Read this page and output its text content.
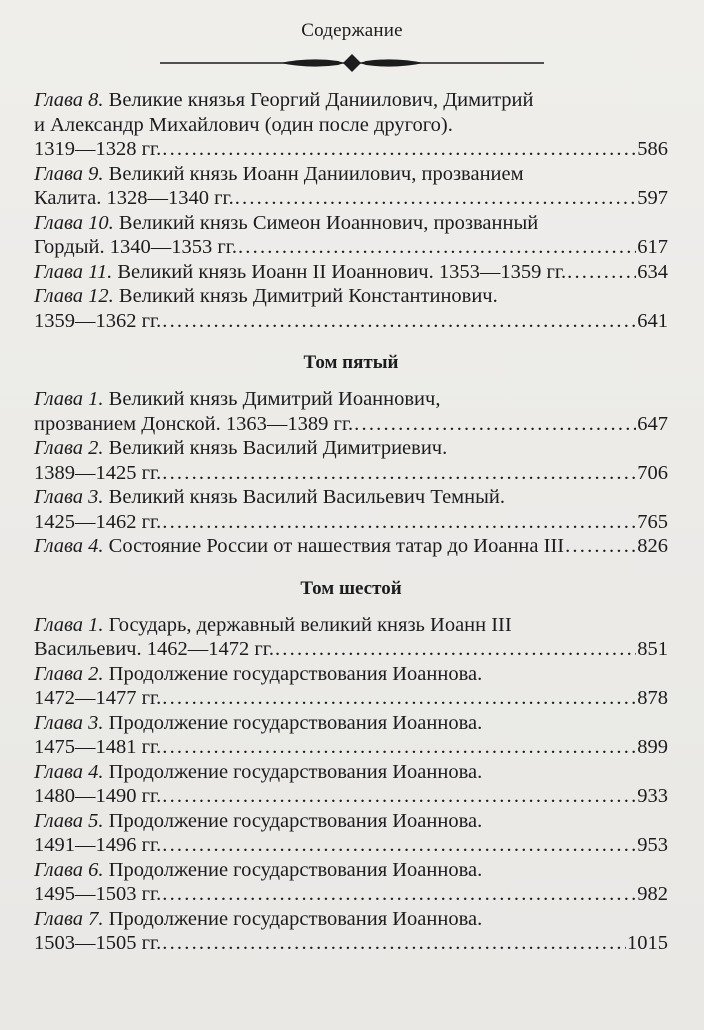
Содержание
Глава 8. Великие князья Георгий Даниилович, Димитрий
и Александр Михайлович (один после другого).
1319—1328 гг. .....	586
Глава 9. Великий князь Иоанн Даниилович, прозванием
Калита. 1328—1340 гг. .....	597
Глава 10. Великий князь Симеон Иоаннович, прозванный
Гордый. 1340—1353 гг. .....	617
Глава 11. Великий князь Иоанн II Иоаннович. 1353—1359 гг. .....	634
Глава 12. Великий князь Димитрий Константинович.
1359—1362 гг. .....	641
Том пятый
Глава 1. Великий князь Димитрий Иоаннович,
прозванием Донской. 1363—1389 гг. .....	647
Глава 2. Великий князь Василий Димитриевич.
1389—1425 гг. .....	706
Глава 3. Великий князь Василий Васильевич Темный.
1425—1462 гг. .....	765
Глава 4. Состояние России от нашествия татар до Иоанна III .....	826
Том шестой
Глава 1. Государь, державный великий князь Иоанн III
Васильевич. 1462—1472 гг. .....	851
Глава 2. Продолжение государствования Иоаннова.
1472—1477 гг. .....	878
Глава 3. Продолжение государствования Иоаннова.
1475—1481 гг. .....	899
Глава 4. Продолжение государствования Иоаннова.
1480—1490 гг. .....	933
Глава 5. Продолжение государствования Иоаннова.
1491—1496 гг. .....	953
Глава 6. Продолжение государствования Иоаннова.
1495—1503 гг. .....	982
Глава 7. Продолжение государствования Иоаннова.
1503—1505 гг. .....	1015
